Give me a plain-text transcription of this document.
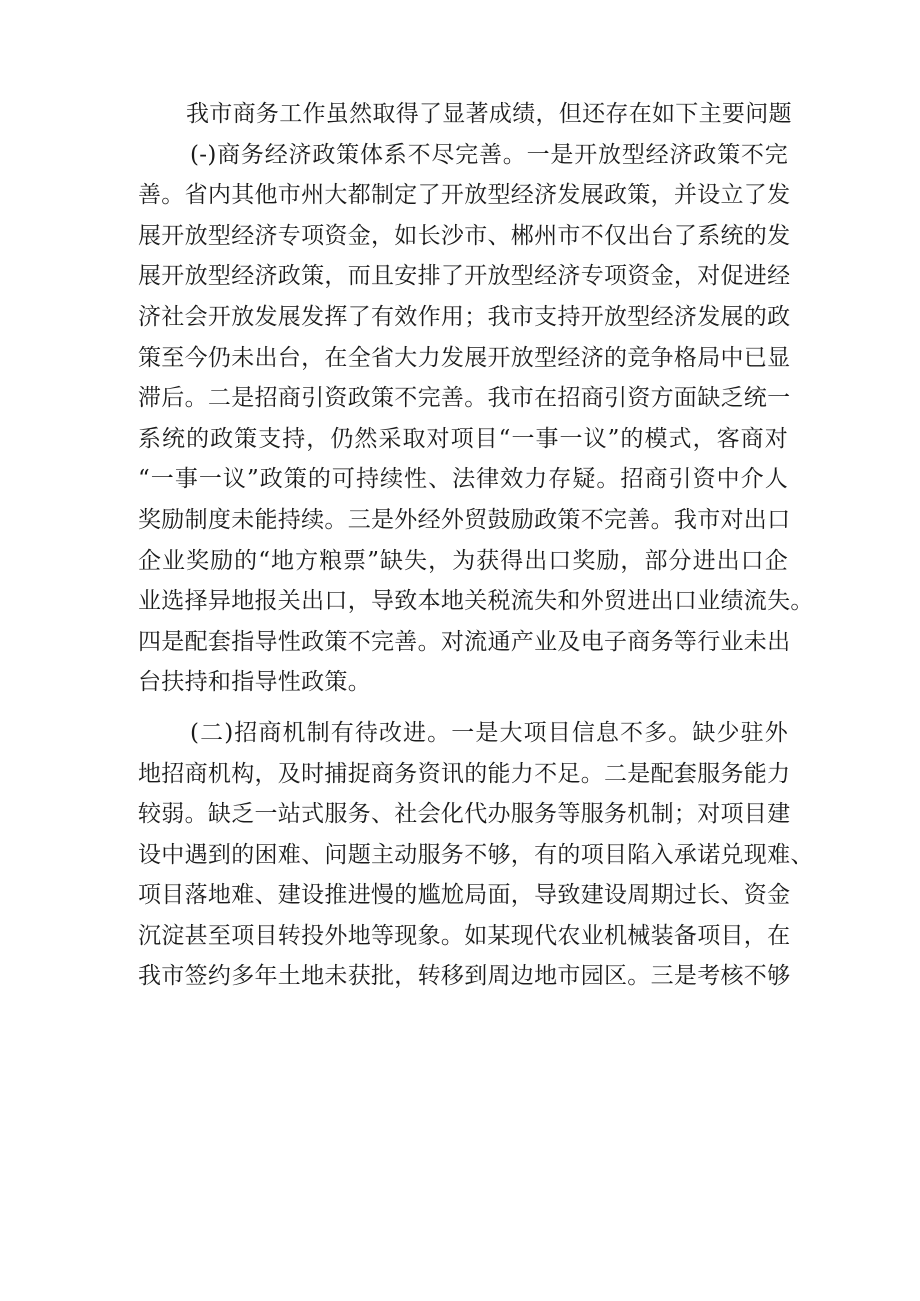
我市商务工作虽然取得了显著成绩，但还存在如下主要问题
(-)商务经济政策体系不尽完善。一是开放型经济政策不完
善。省内其他市州大都制定了开放型经济发展政策，并设立了发
展开放型经济专项资金，如长沙市、郴州市不仅出台了系统的发
展开放型经济政策，而且安排了开放型经济专项资金，对促进经
济社会开放发展发挥了有效作用；我市支持开放型经济发展的政
策至今仍未出台，在全省大力发展开放型经济的竞争格局中已显
滞后。二是招商引资政策不完善。我市在招商引资方面缺乏统一
系统的政策支持，仍然采取对项目“一事一议”的模式，客商对
“一事一议”政策的可持续性、法律效力存疑。招商引资中介人
奖励制度未能持续。三是外经外贸鼓励政策不完善。我市对出口
企业奖励的“地方粮票”缺失，为获得出口奖励，部分进出口企
业选择异地报关出口，导致本地关税流失和外贸进出口业绩流失。
四是配套指导性政策不完善。对流通产业及电子商务等行业未出
台扶持和指导性政策。
(二)招商机制有待改进。一是大项目信息不多。缺少驻外
地招商机构，及时捕捉商务资讯的能力不足。二是配套服务能力
较弱。缺乏一站式服务、社会化代办服务等服务机制；对项目建
设中遇到的困难、问题主动服务不够，有的项目陷入承诺兑现难、
项目落地难、建设推进慢的尴尬局面，导致建设周期过长、资金
沉淀甚至项目转投外地等现象。如某现代农业机械装备项目，在
我市签约多年土地未获批，转移到周边地市园区。三是考核不够
